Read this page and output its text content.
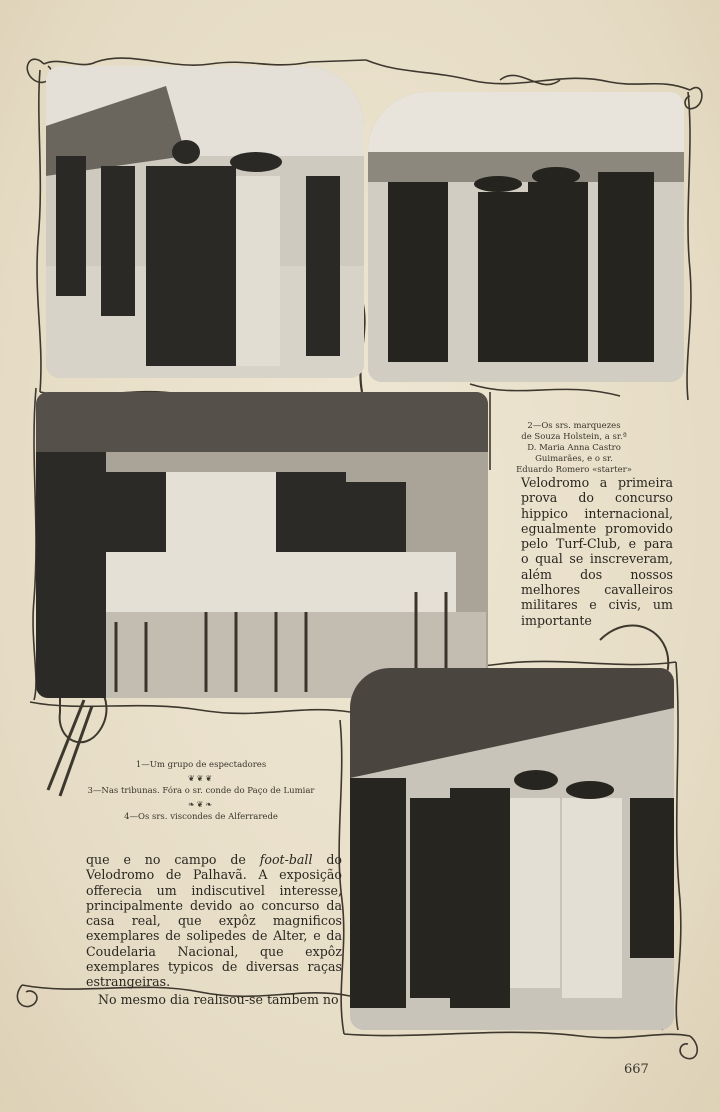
2—Os srs. marquezes
de Souza Holstein, a sr.ª
D. Maria Anna Castro
Guimarães, e o sr.
Eduardo Romero «starter»

Velodromo a primeira prova do concurso hippico internacional, egualmente promovido pelo Turf-Club, e para o qual se inscreveram, além dos nossos melhores cavalleiros militares e civis, um importante

1—Um grupo de espectadores
❦❦❦
3—Nas tribunas. Fóra o sr. conde do Paço de Lumiar
❧❦❧
4—Os srs. viscondes de Alferrarede

que e no campo de foot-ball do Velodromo de Palhavã. A exposição offerecia um indiscutivel interesse, principalmente devido ao concurso da casa real, que expôz magnificos exemplares de solipedes de Alter, e da Coudelaria Nacional, que expôz exemplares typicos de diversas raças estrangeiras.

No mesmo dia realisou-se tambem no

667
